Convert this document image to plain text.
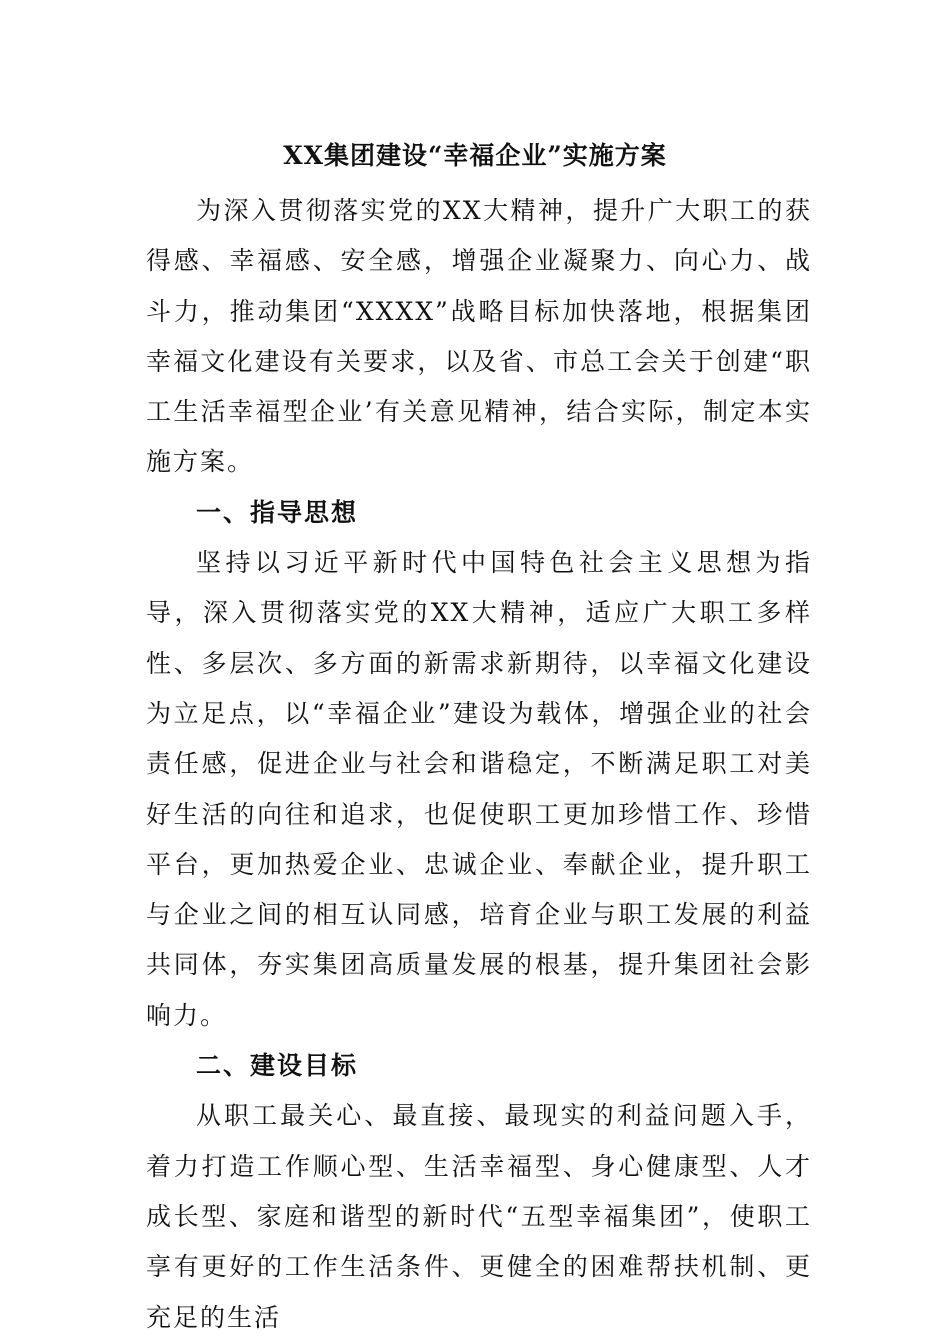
XX集团建设“幸福企业”实施方案

为深入贯彻落实党的XX大精神，提升广大职工的获得感、幸福感、安全感，增强企业凝聚力、向心力、战斗力，推动集团“XXXX”战略目标加快落地，根据集团幸福文化建设有关要求，以及省、市总工会关于创建“职工生活幸福型企业’有关意见精神，结合实际，制定本实施方案。

一、指导思想

坚持以习近平新时代中国特色社会主义思想为指导，深入贯彻落实党的XX大精神，适应广大职工多样性、多层次、多方面的新需求新期待，以幸福文化建设为立足点，以“幸福企业”建设为载体，增强企业的社会责任感，促进企业与社会和谐稳定，不断满足职工对美好生活的向往和追求，也促使职工更加珍惜工作、珍惜平台，更加热爱企业、忠诚企业、奉献企业，提升职工与企业之间的相互认同感，培育企业与职工发展的利益共同体，夯实集团高质量发展的根基，提升集团社会影响力。

二、建设目标

从职工最关心、最直接、最现实的利益问题入手，着力打造工作顺心型、生活幸福型、身心健康型、人才成长型、家庭和谐型的新时代“五型幸福集团”，使职工享有更好的工作生活条件、更健全的困难帮扶机制、更充足的生活
